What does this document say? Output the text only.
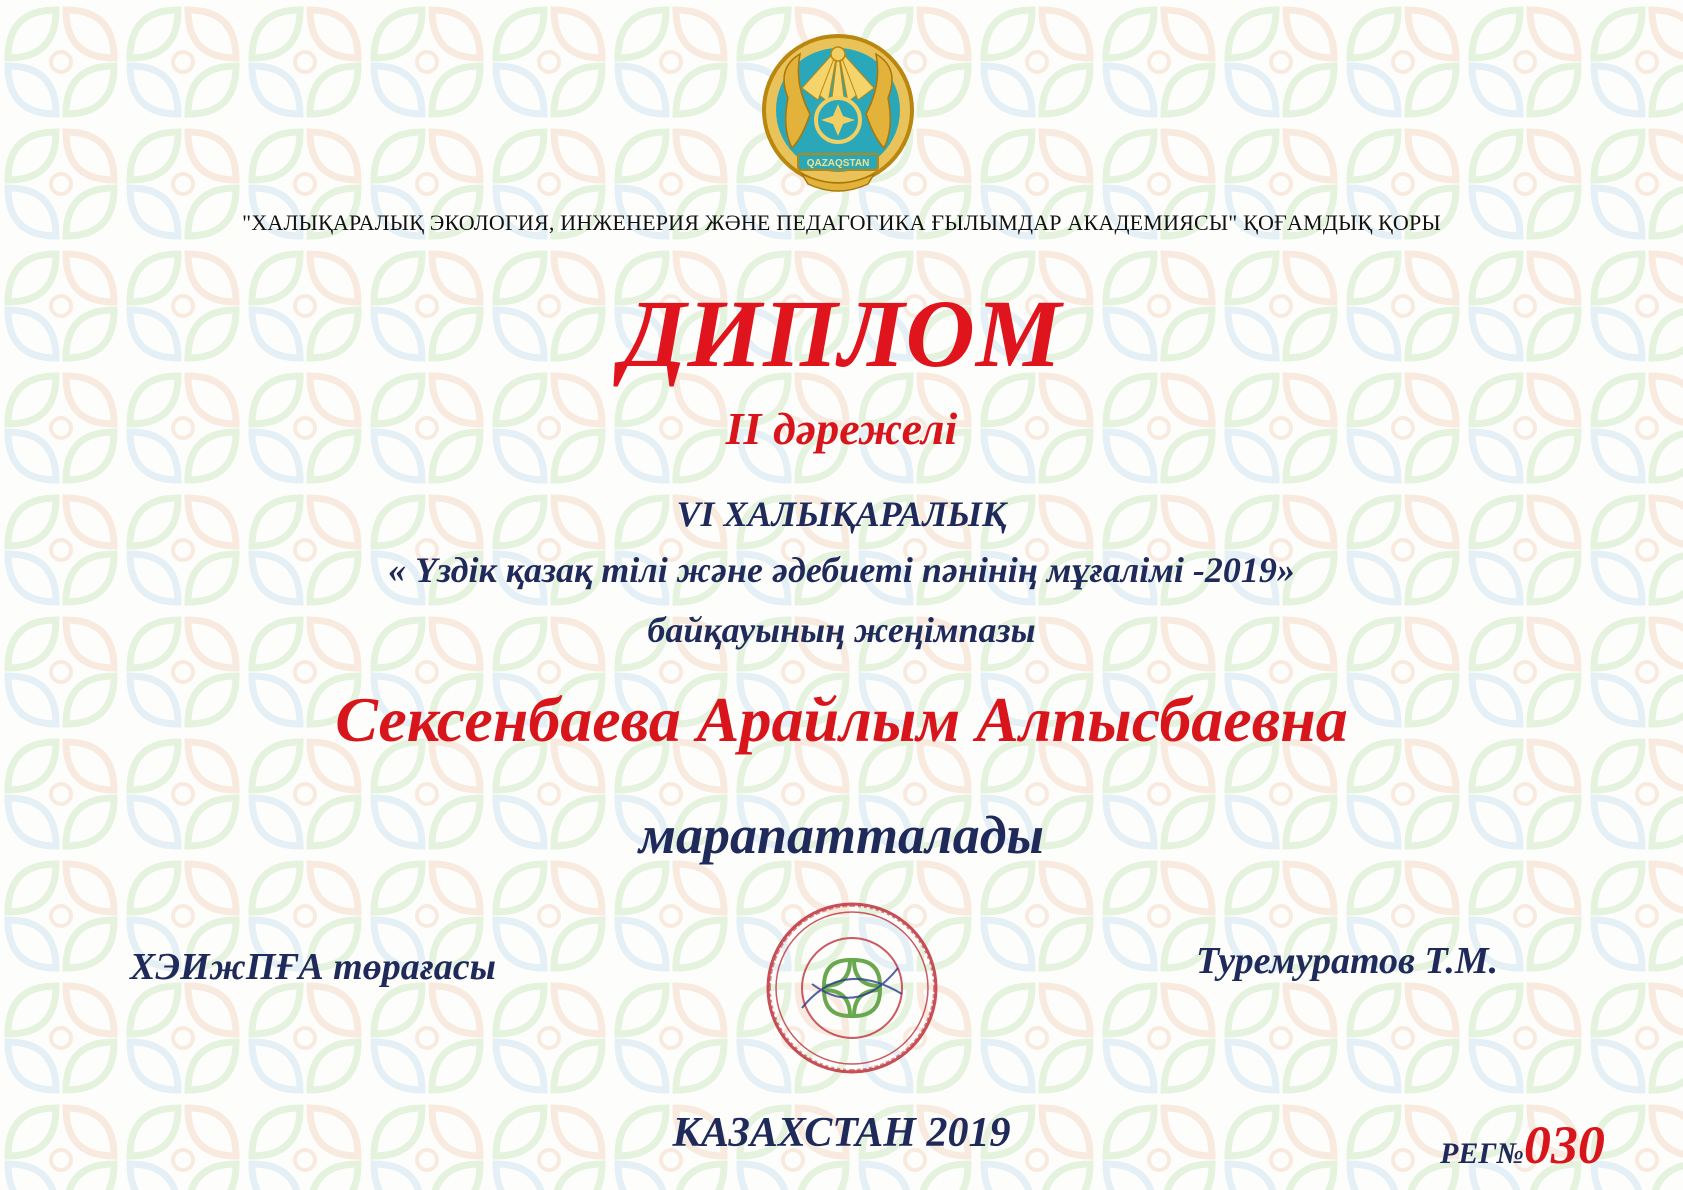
QAZAQSTAN
"ХАЛЫҚАРАЛЫҚ ЭКОЛОГИЯ, ИНЖЕНЕРИЯ ЖӘНЕ ПЕДАГОГИКА ҒЫЛЫМДАР АКАДЕМИЯСЫ" ҚОҒАМДЫҚ ҚОРЫ
ДИПЛОМ
ІІ дәрежелі
VI ХАЛЫҚАРАЛЫҚ
« Үздік қазақ тілі және әдебиеті пәнінің мұғалімі -2019»
байқауының жеңімпазы
Сексенбаева Арайлым Алпысбаевна
марапатталады
ХЭИжПҒА төрағасы	Туремуратов Т.М.
КАЗАХСТАН 2019	РЕГ№030
